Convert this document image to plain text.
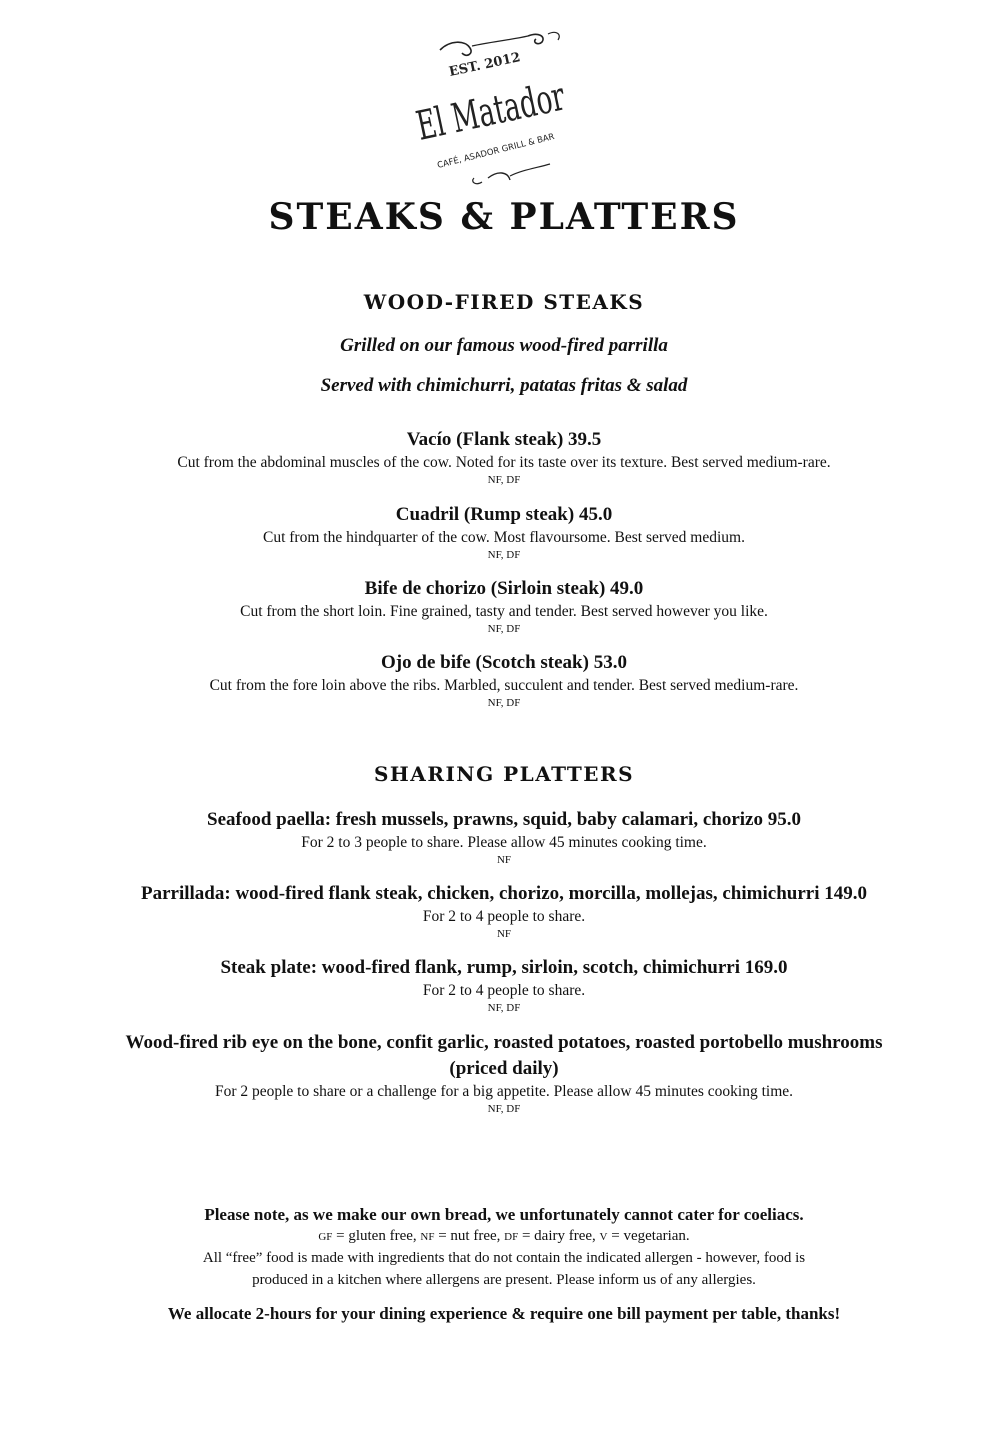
EST. 2012
El Matador
CAFÉ, ASADOR GRILL & BAR
STEAKS & PLATTERS
WOOD-FIRED STEAKS
Grilled on our famous wood-fired parrilla
Served with chimichurri, patatas fritas & salad
Vacío (Flank steak) 39.5
Cut from the abdominal muscles of the cow. Noted for its taste over its texture. Best served medium-rare.
NF, DF
Cuadril (Rump steak) 45.0
Cut from the hindquarter of the cow. Most flavoursome. Best served medium.
NF, DF
Bife de chorizo (Sirloin steak) 49.0
Cut from the short loin. Fine grained, tasty and tender. Best served however you like.
NF, DF
Ojo de bife (Scotch steak) 53.0
Cut from the fore loin above the ribs. Marbled, succulent and tender. Best served medium-rare.
NF, DF
SHARING PLATTERS
Seafood paella: fresh mussels, prawns, squid, baby calamari, chorizo 95.0
For 2 to 3 people to share. Please allow 45 minutes cooking time.
NF
Parrillada: wood-fired flank steak, chicken, chorizo, morcilla, mollejas, chimichurri 149.0
For 2 to 4 people to share.
NF
Steak plate: wood-fired flank, rump, sirloin, scotch, chimichurri 169.0
For 2 to 4 people to share.
NF, DF
Wood-fired rib eye on the bone, confit garlic, roasted potatoes, roasted portobello mushrooms
(priced daily)
For 2 people to share or a challenge for a big appetite. Please allow 45 minutes cooking time.
NF, DF
Please note, as we make our own bread, we unfortunately cannot cater for coeliacs.
GF = gluten free, NF = nut free, DF = dairy free, V = vegetarian.
All “free” food is made with ingredients that do not contain the indicated allergen - however, food is
produced in a kitchen where allergens are present. Please inform us of any allergies.
We allocate 2-hours for your dining experience & require one bill payment per table, thanks!
